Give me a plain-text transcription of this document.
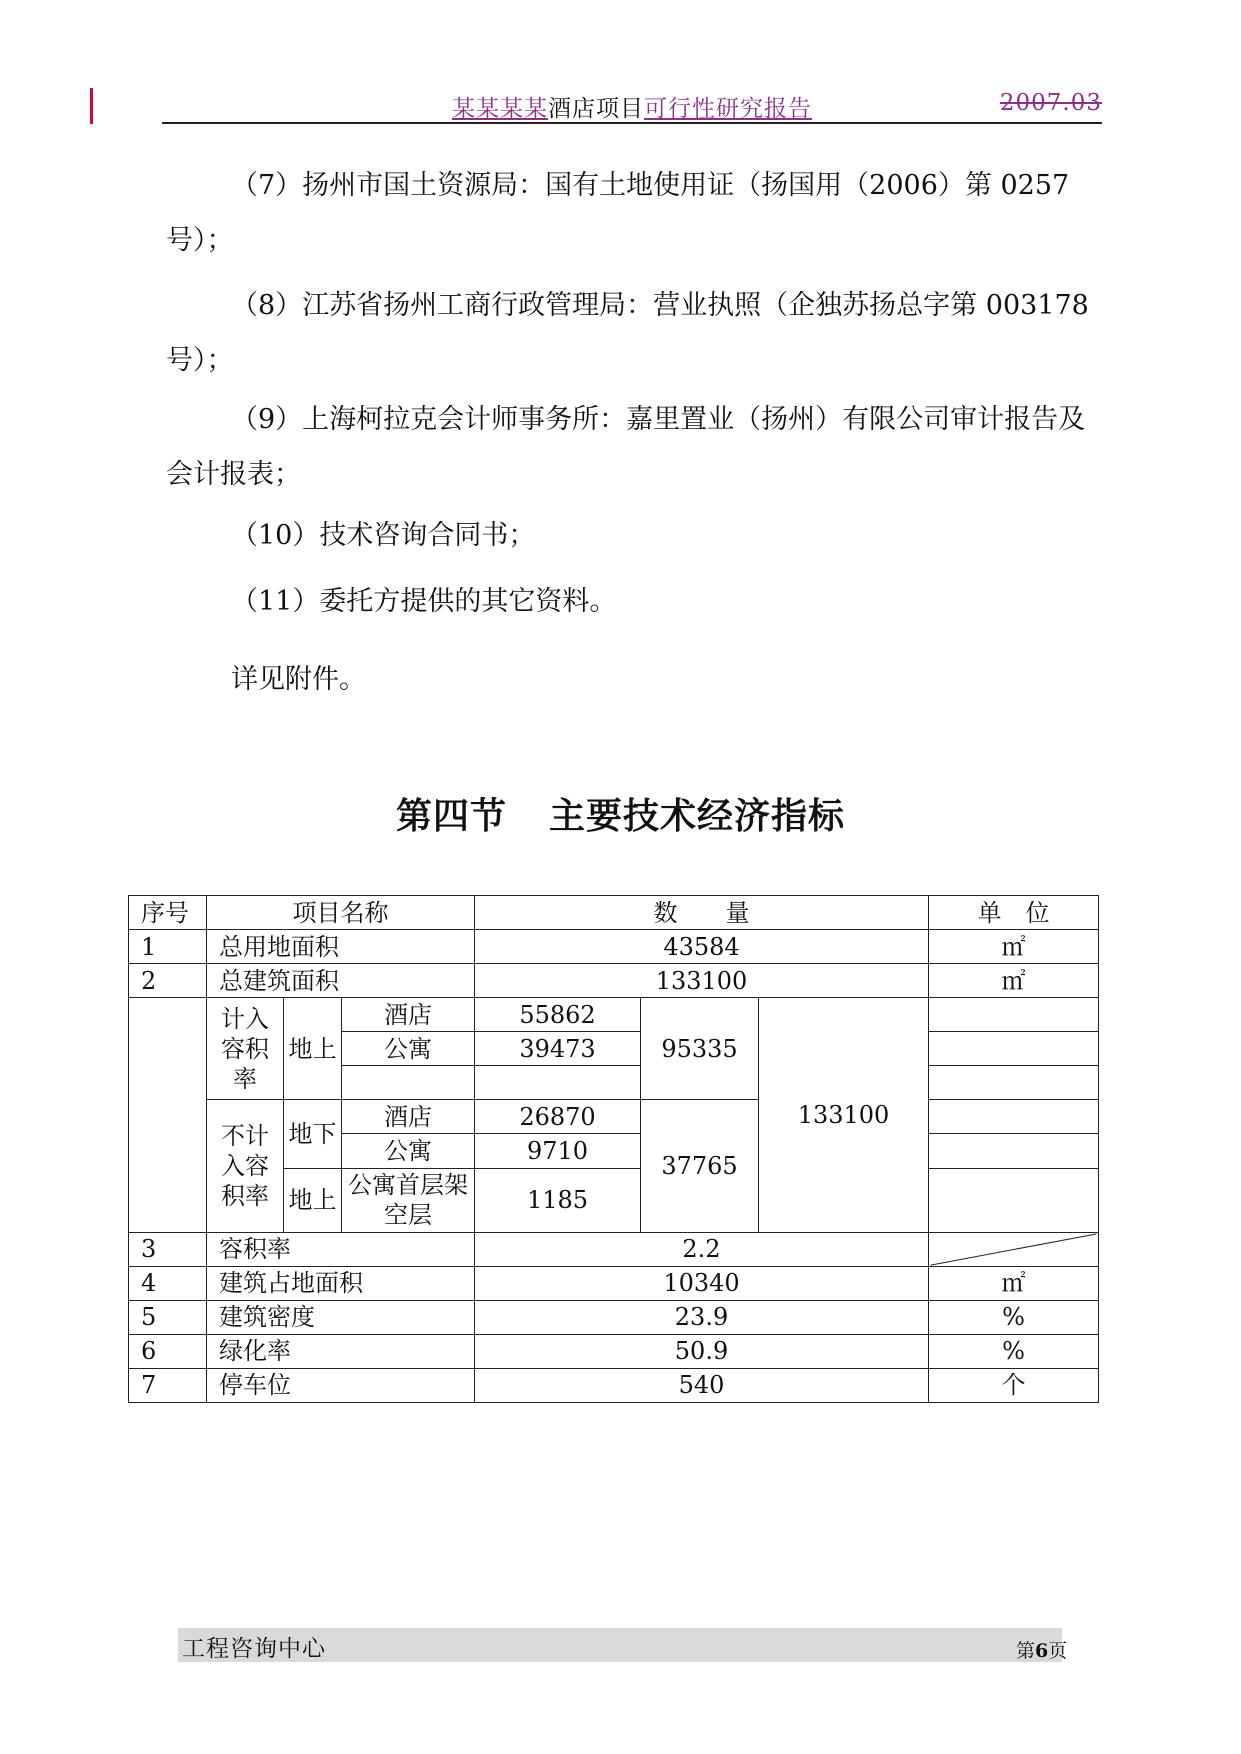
某某某某酒店项目可行性研究报告	2007.03

（7）扬州市国土资源局：国有土地使用证（扬国用（2006）第 0257 号）；

（8）江苏省扬州工商行政管理局：营业执照（企独苏扬总字第 003178 号）；

（9）上海柯拉克会计师事务所：嘉里置业（扬州）有限公司审计报告及会计报表；

（10）技术咨询合同书；

（11）委托方提供的其它资料。

详见附件。

第四节 主要技术经济指标
序号	项目名称			数　　量			单　位
1	总用地面积			43584			㎡
2	总建筑面积			133100			㎡
	计入容积率	地上	酒店	55862	95335	133100	
			公寓	39473			

	不计入容积率	地下	酒店	26870	37765		
			公寓	9710			
		地上	公寓首层架空层	1185			

3	容积率			2.2	

4	建筑占地面积			10340			㎡
5	建筑密度			23.9			%
6	绿化率			50.9			%
7	停车位			540			个
工程咨询中心	第6页
